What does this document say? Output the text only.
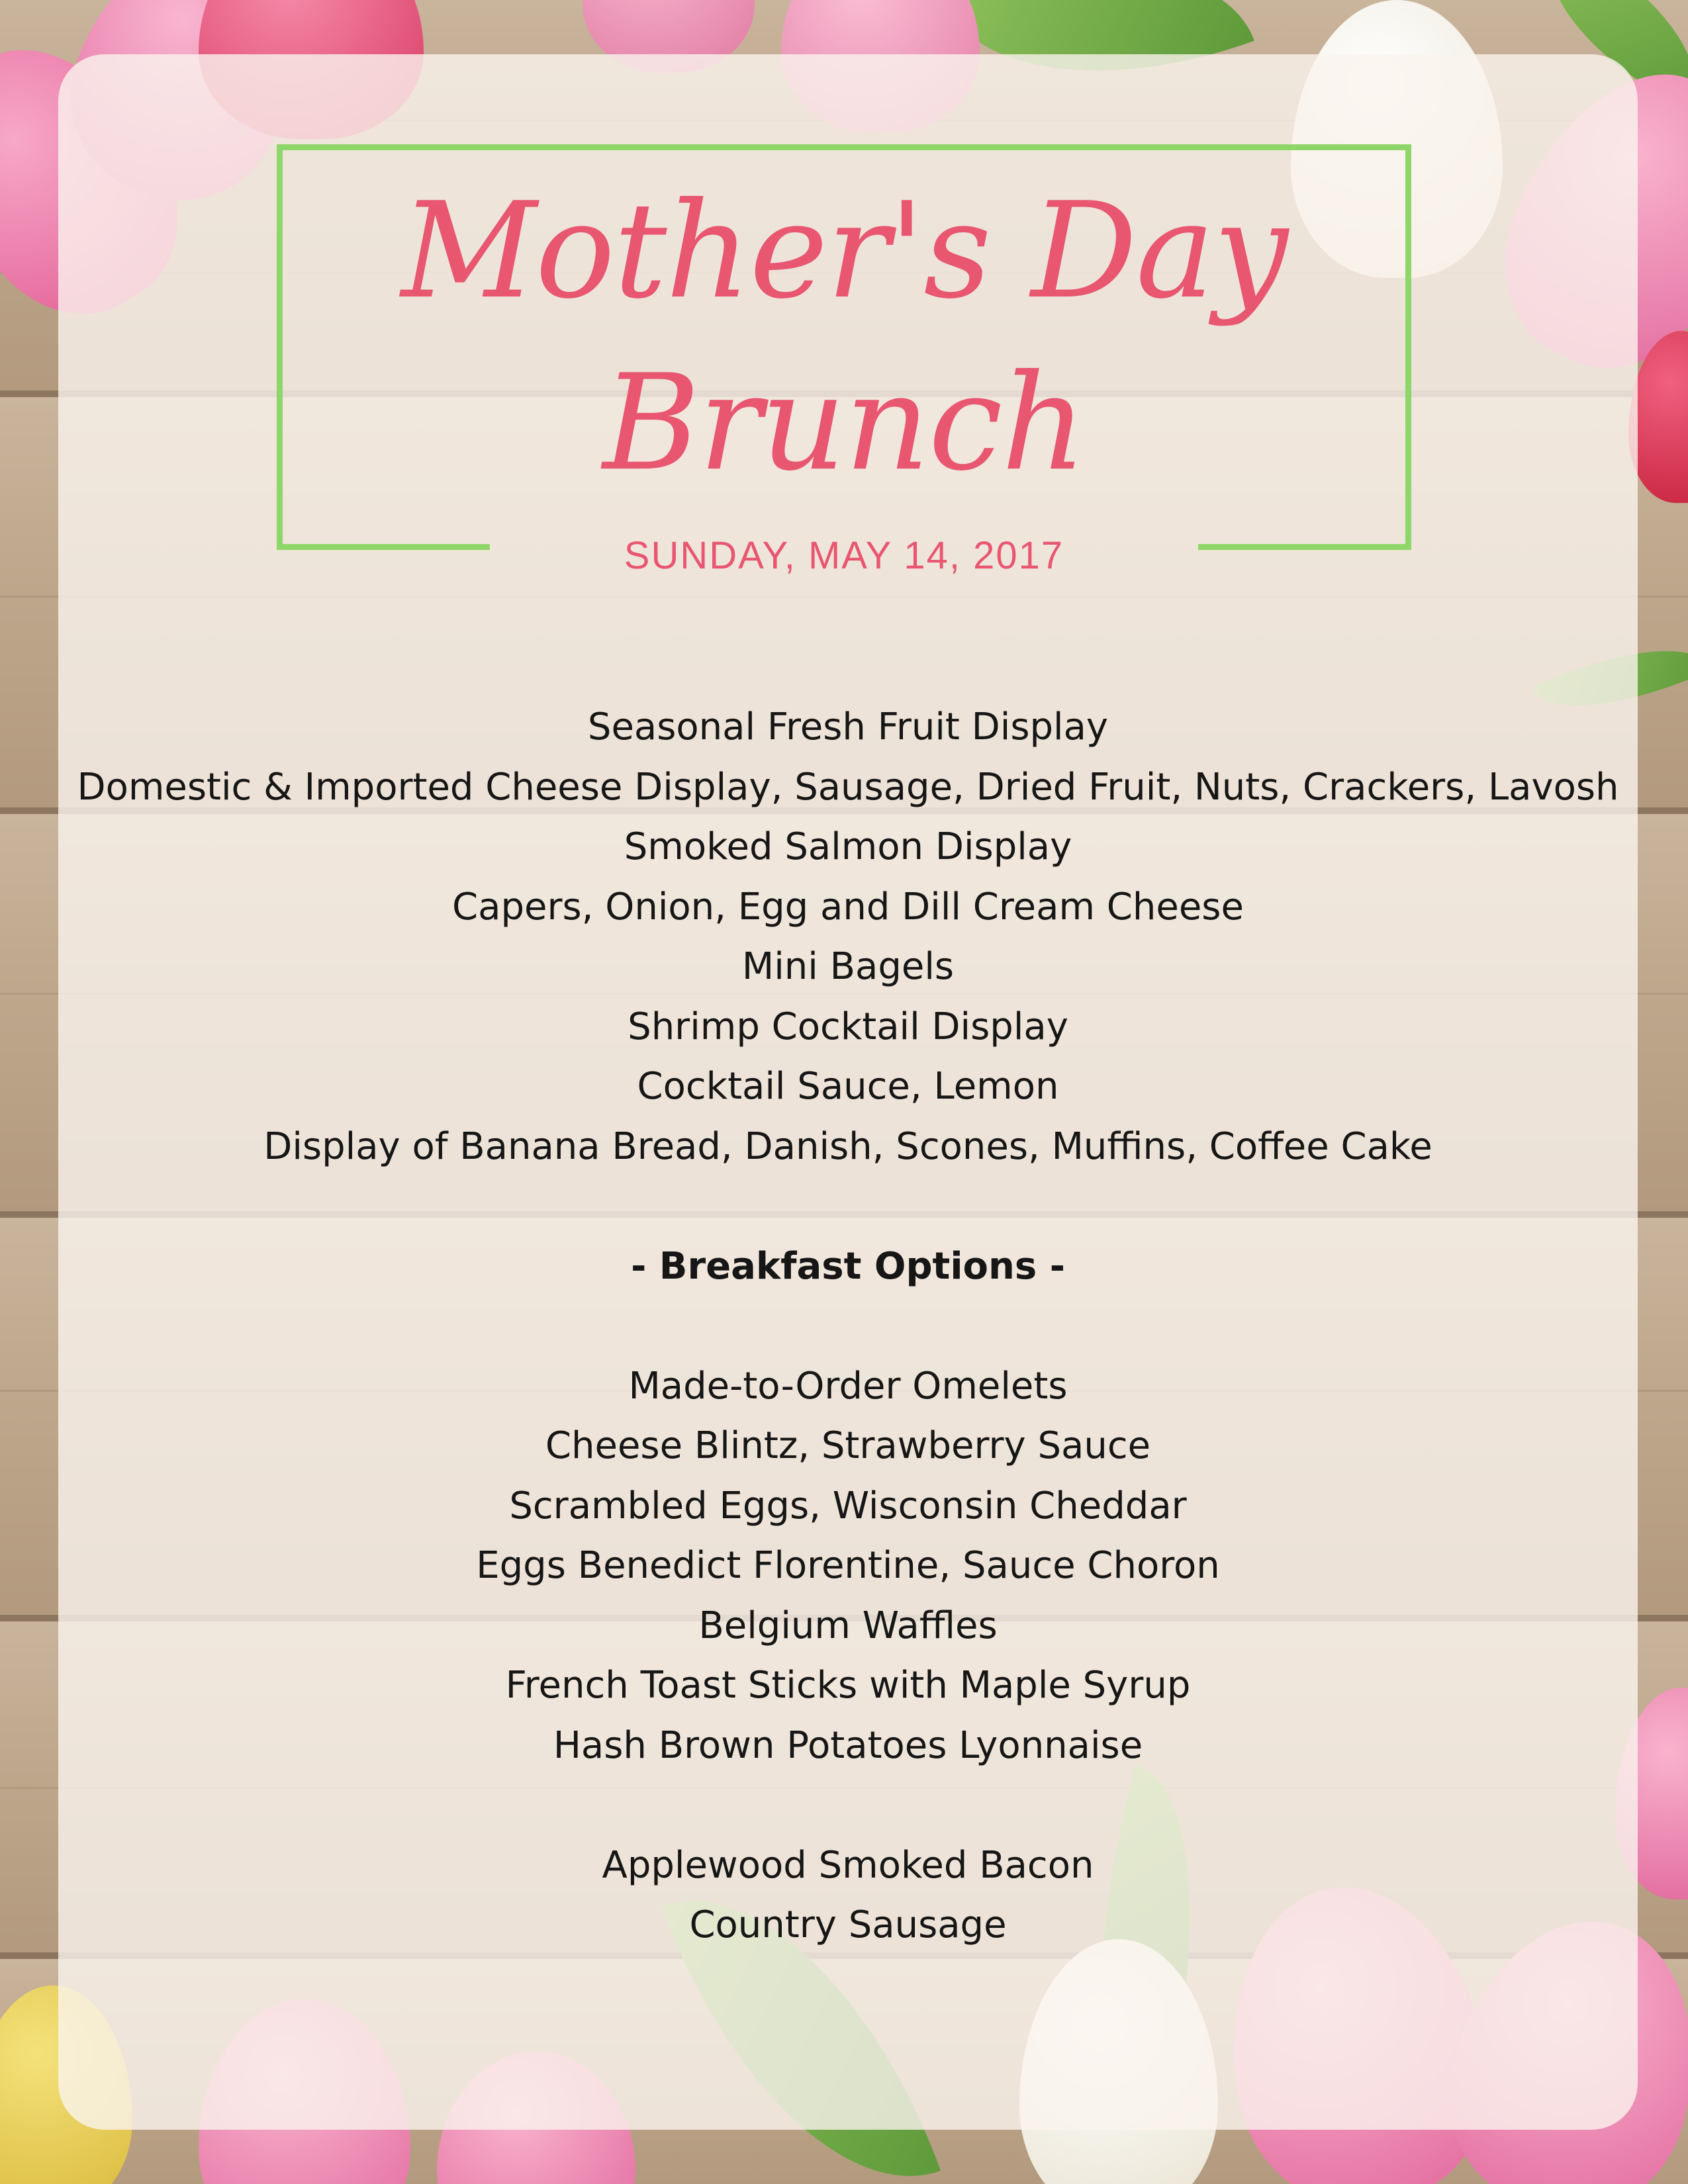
Mother's Day
Brunch
SUNDAY, MAY 14, 2017
Seasonal Fresh Fruit Display
Domestic & Imported Cheese Display, Sausage, Dried Fruit, Nuts, Crackers, Lavosh
Smoked Salmon Display
Capers, Onion, Egg and Dill Cream Cheese
Mini Bagels
Shrimp Cocktail Display
Cocktail Sauce, Lemon
Display of Banana Bread, Danish, Scones, Muffins, Coffee Cake
- Breakfast Options -
Made-to-Order Omelets
Cheese Blintz, Strawberry Sauce
Scrambled Eggs, Wisconsin Cheddar
Eggs Benedict Florentine, Sauce Choron
Belgium Waffles
French Toast Sticks with Maple Syrup
Hash Brown Potatoes Lyonnaise
Applewood Smoked Bacon
Country Sausage
